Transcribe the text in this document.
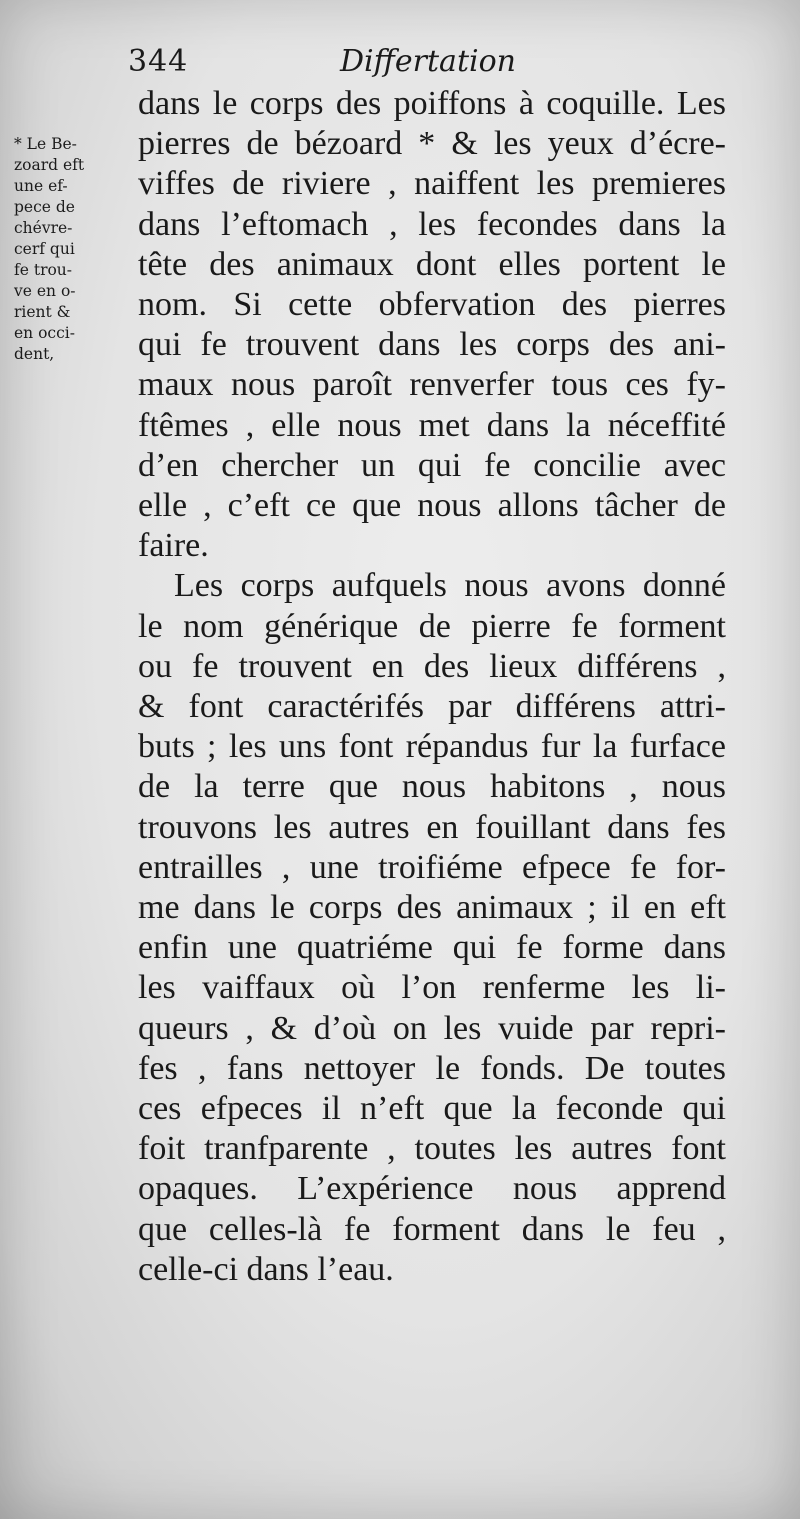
344	Differtation
* Le Be-
zoard eft
une ef-
pece de
chévre-
cerf qui
fe trou-
ve en o-
rient &
en occi-
dent,
dans le corps des poiffons à coquille. Les
pierres de bézoard * & les yeux d’écre-
viffes de riviere , naiffent les premieres
dans l’eftomach , les fecondes dans la
tête des animaux dont elles portent le
nom. Si cette obfervation des pierres
qui fe trouvent dans les corps des ani-
maux nous paroît renverfer tous ces fy-
ftêmes , elle nous met dans la néceffité
d’en chercher un qui fe concilie avec
elle , c’eft ce que nous allons tâcher de
faire.
Les corps aufquels nous avons donné
le nom générique de pierre fe forment
ou fe trouvent en des lieux différens ,
& font caractérifés par différens attri-
buts ; les uns font répandus fur la furface
de la terre que nous habitons , nous
trouvons les autres en fouillant dans fes
entrailles , une troifiéme efpece fe for-
me dans le corps des animaux ; il en eft
enfin une quatriéme qui fe forme dans
les vaiffaux où l’on renferme les li-
queurs , & d’où on les vuide par repri-
fes , fans nettoyer le fonds. De toutes
ces efpeces il n’eft que la feconde qui
foit tranfparente , toutes les autres font
opaques. L’expérience nous apprend
que celles-là fe forment dans le feu ,
celle-ci dans l’eau.
